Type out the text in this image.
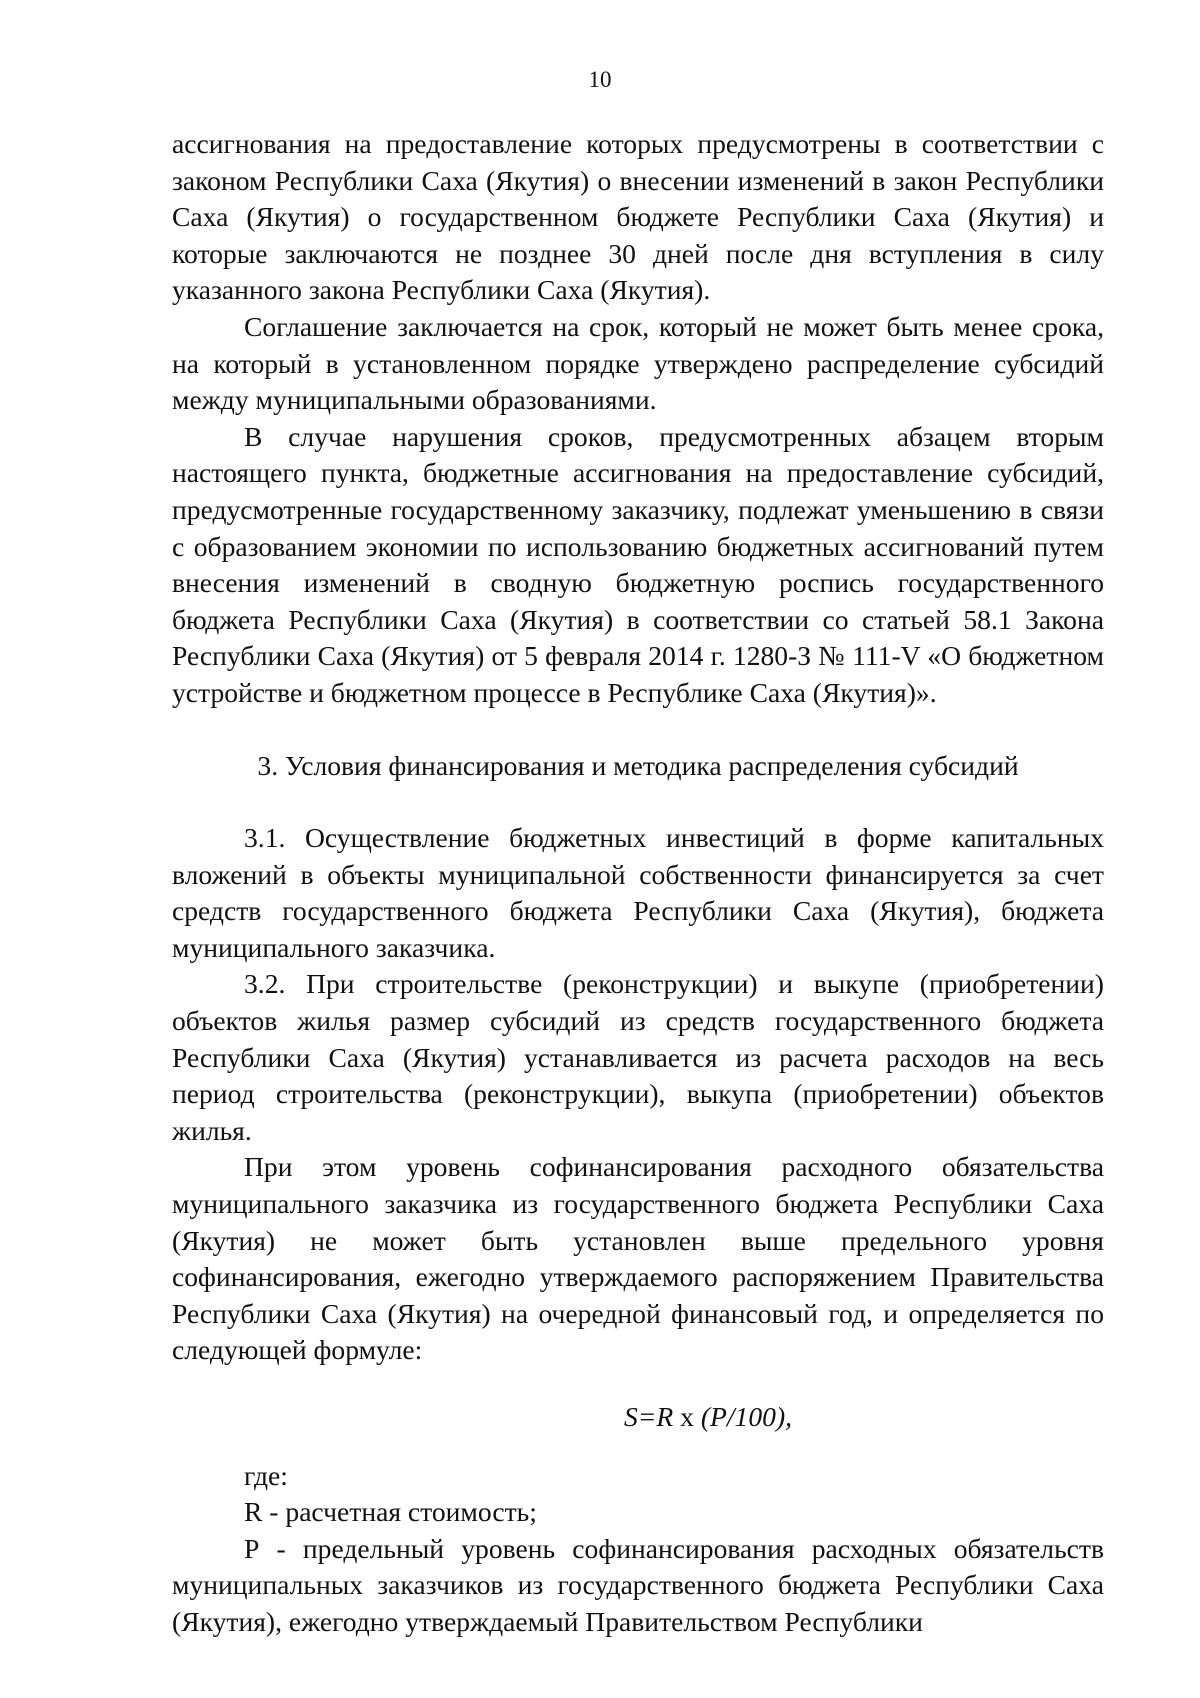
10

ассигнования на предоставление которых предусмотрены в соответствии с законом Республики Саха (Якутия) о внесении изменений в закон Республики Саха (Якутия) о государственном бюджете Республики Саха (Якутия) и которые заключаются не позднее 30 дней после дня вступления в силу указанного закона Республики Саха (Якутия).

Соглашение заключается на срок, который не может быть менее срока, на который в установленном порядке утверждено распределение субсидий между муниципальными образованиями.

В случае нарушения сроков, предусмотренных абзацем вторым настоящего пункта, бюджетные ассигнования на предоставление субсидий, предусмотренные государственному заказчику, подлежат уменьшению в связи с образованием экономии по использованию бюджетных ассигнований путем внесения изменений в сводную бюджетную роспись государственного бюджета Республики Саха (Якутия) в соответствии со статьей 58.1 Закона Республики Саха (Якутия) от 5 февраля 2014 г. 1280-З № 111-V «О бюджетном устройстве и бюджетном процессе в Республике Саха (Якутия)».

3. Условия финансирования и методика распределения субсидий

3.1. Осуществление бюджетных инвестиций в форме капитальных вложений в объекты муниципальной собственности финансируется за счет средств государственного бюджета Республики Саха (Якутия), бюджета муниципального заказчика.

3.2. При строительстве (реконструкции) и выкупе (приобретении) объектов жилья размер субсидий из средств государственного бюджета Республики Саха (Якутия) устанавливается из расчета расходов на весь период строительства (реконструкции), выкупа (приобретении) объектов жилья.

При этом уровень софинансирования расходного обязательства муниципального заказчика из государственного бюджета Республики Саха (Якутия) не может быть установлен выше предельного уровня софинансирования, ежегодно утверждаемого распоряжением Правительства Республики Саха (Якутия) на очередной финансовый год, и определяется по следующей формуле:

S=R x (P/100),

где:

R - расчетная стоимость;

Р - предельный уровень софинансирования расходных обязательств муниципальных заказчиков из государственного бюджета Республики Саха (Якутия), ежегодно утверждаемый Правительством Республики
